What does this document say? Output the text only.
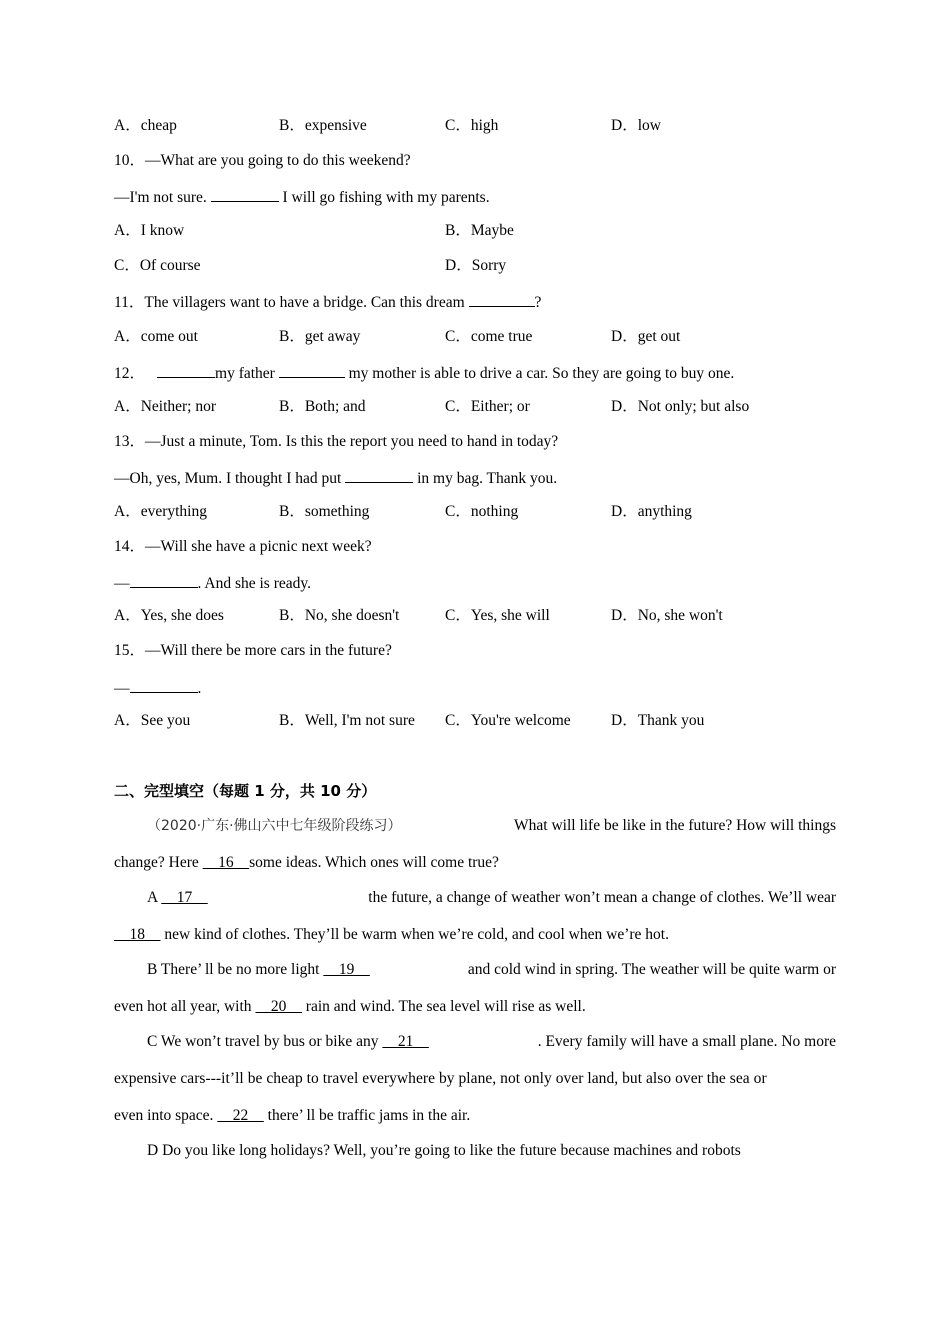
A．cheap	B．expensive	C．high	D．low
10．—What are you going to do this weekend?
—I'm not sure.	I will go fishing with my parents.
A．I know	B．Maybe
C．Of course	D．Sorry
11．The villagers want to have a bridge. Can this dream	?
A．come out	B．get away	C．come true	D．get out
12．	my father	my mother is able to drive a car. So they are going to buy one.
A．Neither; nor	B．Both; and	C．Either; or	D．Not only; but also
13．—Just a minute, Tom. Is this the report you need to hand in today?
—Oh, yes, Mum. I thought I had put	in my bag. Thank you.
A．everything	B．something	C．nothing	D．anything
14．—Will she have a picnic next week?
—	. And she is ready.
A．Yes, she does	B．No, she doesn't	C．Yes, she will	D．No, she won't
15．—Will there be more cars in the future?
—	.
A．See you	B．Well, I'm not sure C．You're welcome	D．Thank you
二、完型填空（每题 1 分，共 10 分）
（2020·广东·佛山六中七年级阶段练习）	What will life be like in the future? How will things
change? Here     16    some ideas. Which ones will come true?
A     17	the future, a change of weather won’t mean a change of clothes. We’ll wear
18     new kind of clothes. They’ll be warm when we’re cold, and cool when we’re hot.
B There’ ll be no more light     19	and cold wind in spring. The weather will be quite warm or
even hot all year, with     20     rain and wind. The sea level will rise as well.
C We won’t travel by bus or bike any     21	. Every family will have a small plane. No more
expensive cars---it’ll be cheap to travel everywhere by plane, not only over land, but also over the sea or
even into space.     22     there’ ll be traffic jams in the air.
D Do you like long holidays? Well, you’re going to like the future because machines and robots
